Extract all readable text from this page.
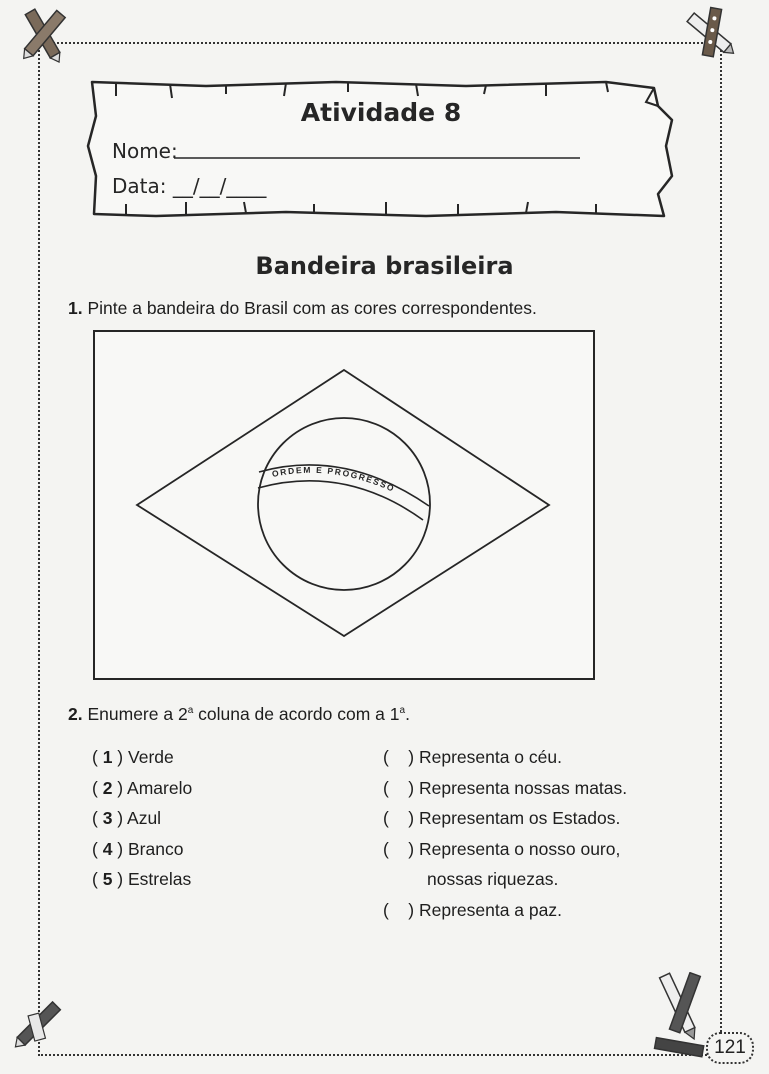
Atividade 8
Nome:
Data: __/__/____
Bandeira brasileira
1. Pinte a bandeira do Brasil com as cores correspondentes.
ORDEM E PROGRESSO
2. Enumere a 2$^a$ coluna de acordo com a 1$^a$.
( 1 ) Verde
( 2 ) Amarelo
( 3 ) Azul
( 4 ) Branco
( 5 ) Estrelas
(    ) Representa o céu.
(    ) Representa nossas matas.
(    ) Representam os Estados.
(    ) Representa o nosso ouro,
nossas riquezas.
(    ) Representa a paz.
121
